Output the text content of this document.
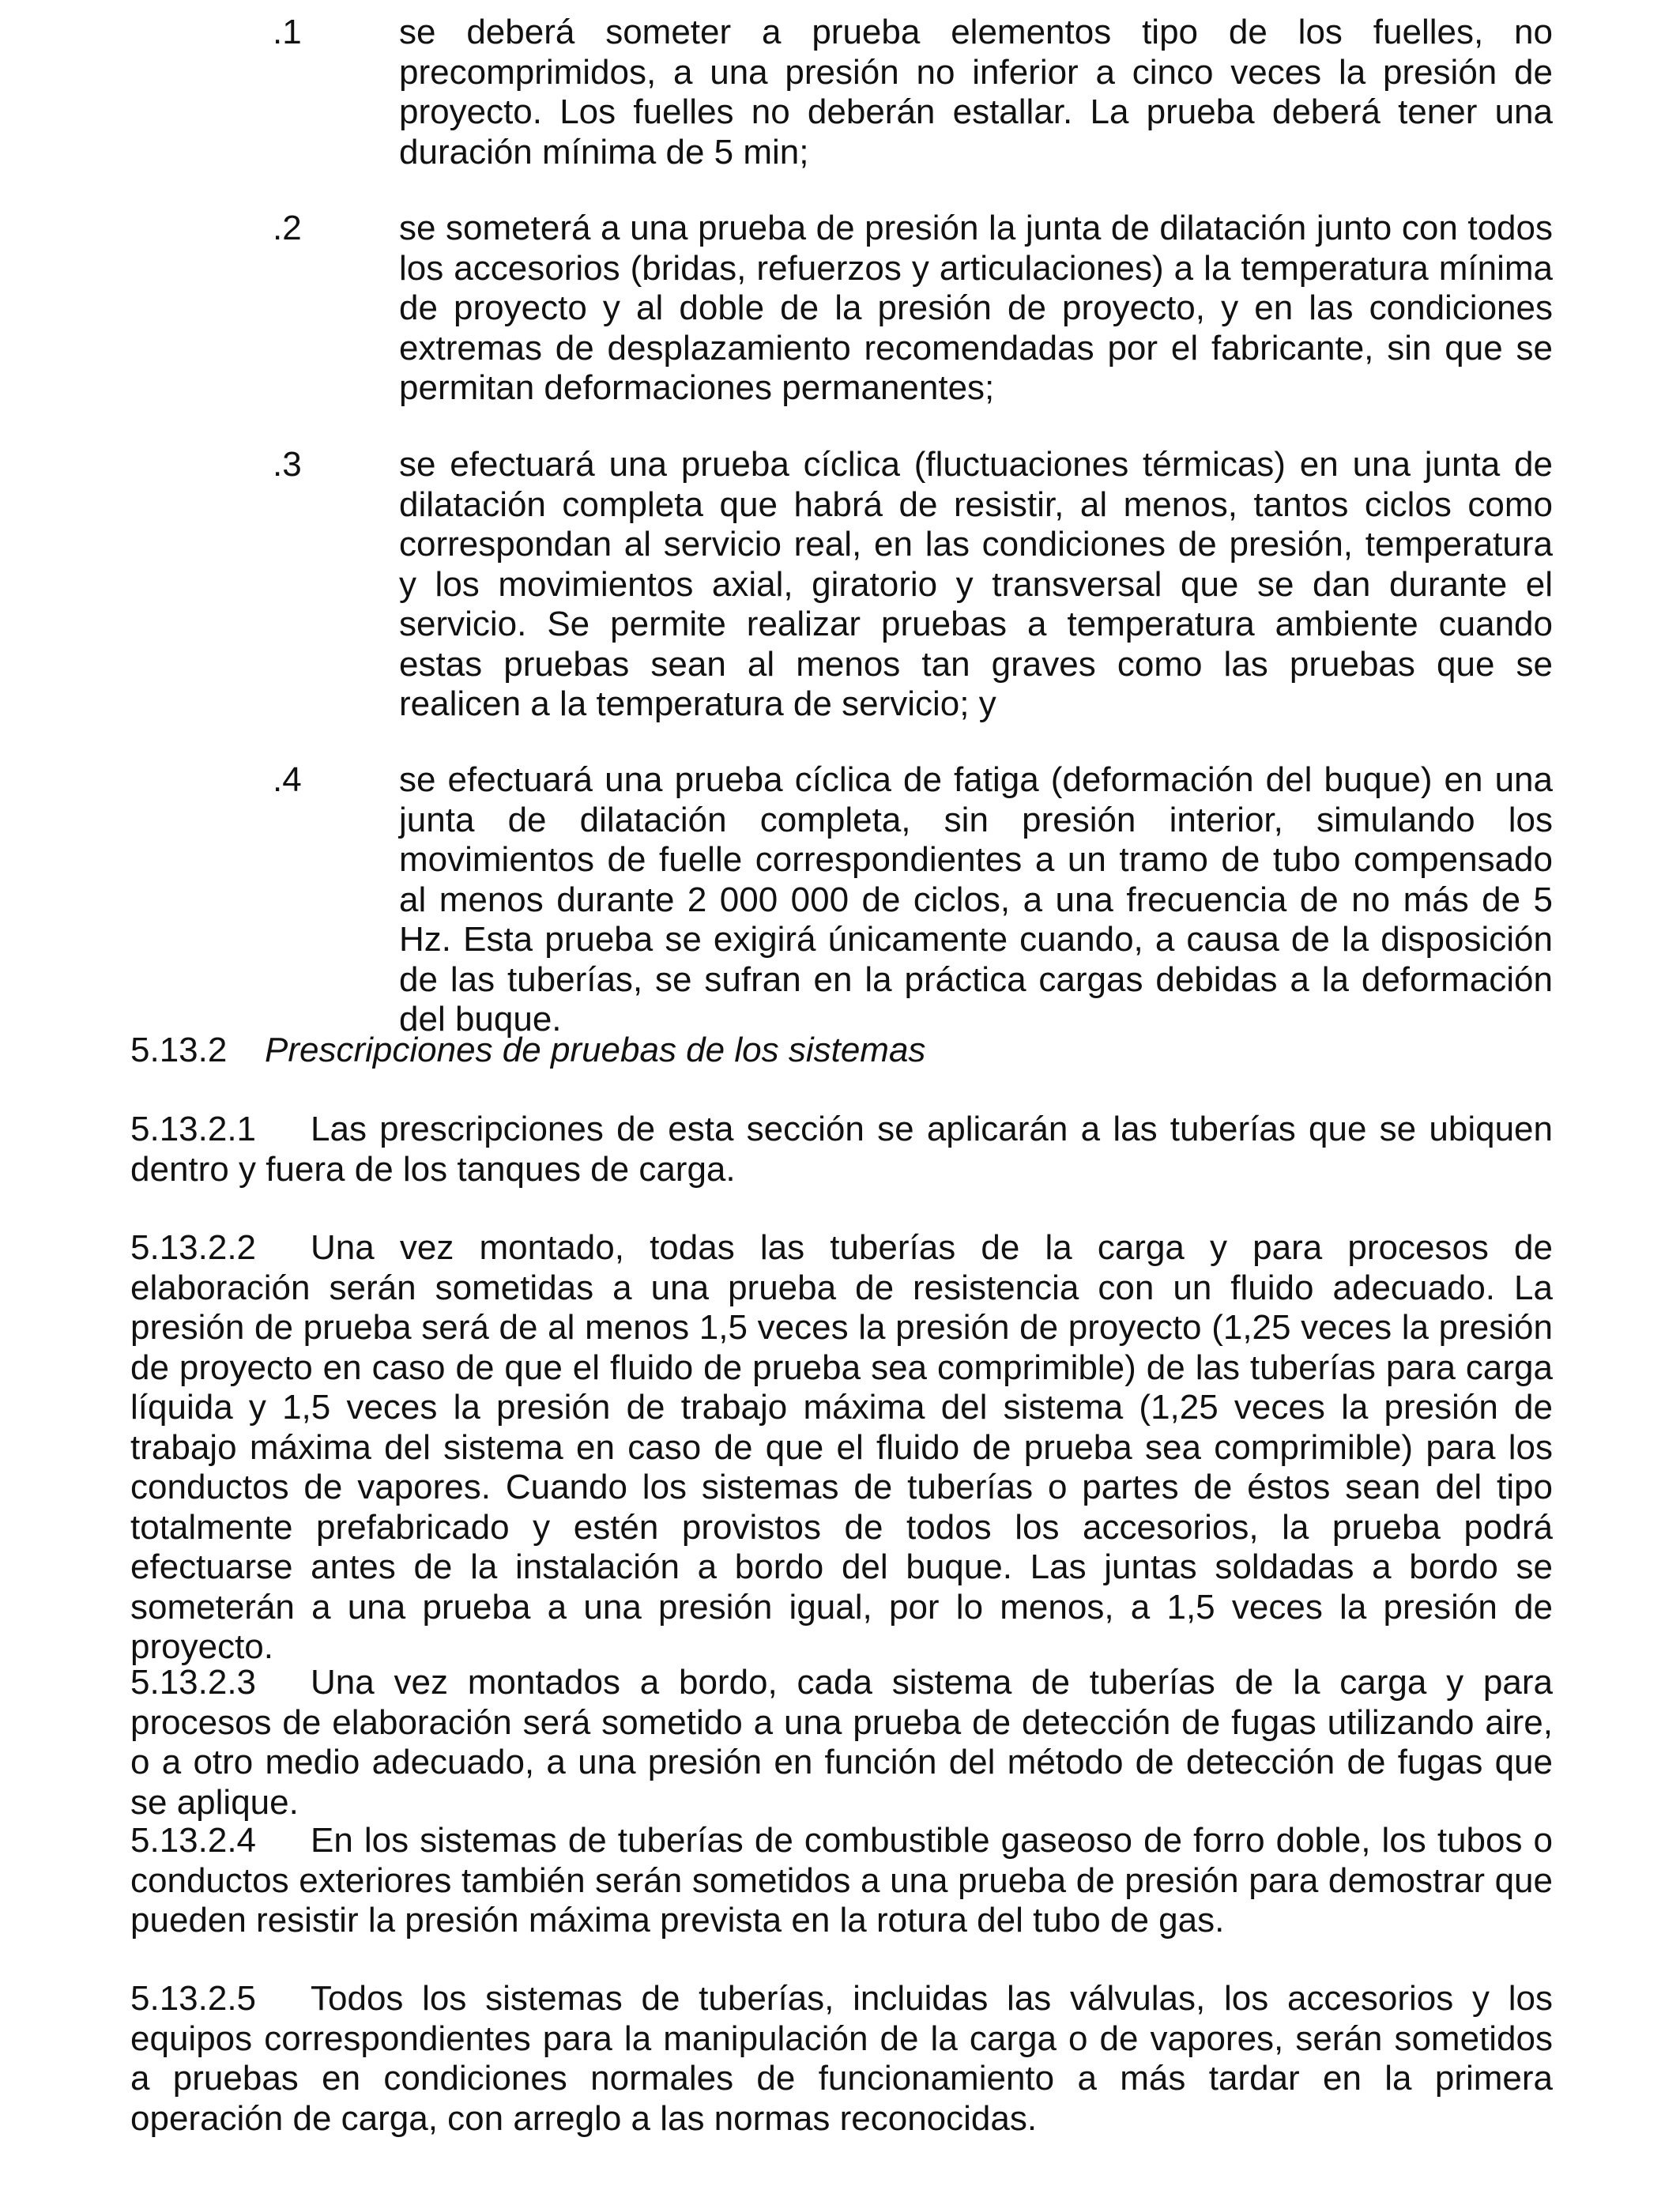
.1	se deberá someter a prueba elementos tipo de los fuelles, no precomprimidos, a una presión no inferior a cinco veces la presión de proyecto. Los fuelles no deberán estallar. La prueba deberá tener una duración mínima de 5 min;
.2	se someterá a una prueba de presión la junta de dilatación junto con todos los accesorios (bridas, refuerzos y articulaciones) a la temperatura mínima de proyecto y al doble de la presión de proyecto, y en las condiciones extremas de desplazamiento recomendadas por el fabricante, sin que se permitan deformaciones permanentes;
.3	se efectuará una prueba cíclica (fluctuaciones térmicas) en una junta de dilatación completa que habrá de resistir, al menos, tantos ciclos como correspondan al servicio real, en las condiciones de presión, temperatura y los movimientos axial, giratorio y transversal que se dan durante el servicio. Se permite realizar pruebas a temperatura ambiente cuando estas pruebas sean al menos tan graves como las pruebas que se realicen a la temperatura de servicio; y
.4	se efectuará una prueba cíclica de fatiga (deformación del buque) en una junta de dilatación completa, sin presión interior, simulando los movimientos de fuelle correspondientes a un tramo de tubo compensado al menos durante 2 000 000 de ciclos, a una frecuencia de no más de 5 Hz. Esta prueba se exigirá únicamente cuando, a causa de la disposición de las tuberías, se sufran en la práctica cargas debidas a la deformación del buque.
5.13.2 Prescripciones de pruebas de los sistemas
5.13.2.1 Las prescripciones de esta sección se aplicarán a las tuberías que se ubiquen dentro y fuera de los tanques de carga.
5.13.2.2 Una vez montado, todas las tuberías de la carga y para procesos de elaboración serán sometidas a una prueba de resistencia con un fluido adecuado. La presión de prueba será de al menos 1,5 veces la presión de proyecto (1,25 veces la presión de proyecto en caso de que el fluido de prueba sea comprimible) de las tuberías para carga líquida y 1,5 veces la presión de trabajo máxima del sistema (1,25 veces la presión de trabajo máxima del sistema en caso de que el fluido de prueba sea comprimible) para los conductos de vapores. Cuando los sistemas de tuberías o partes de éstos sean del tipo totalmente prefabricado y estén provistos de todos los accesorios, la prueba podrá efectuarse antes de la instalación a bordo del buque. Las juntas soldadas a bordo se someterán a una prueba a una presión igual, por lo menos, a 1,5 veces la presión de proyecto.
5.13.2.3 Una vez montados a bordo, cada sistema de tuberías de la carga y para procesos de elaboración será sometido a una prueba de detección de fugas utilizando aire, o a otro medio adecuado, a una presión en función del método de detección de fugas que se aplique.
5.13.2.4 En los sistemas de tuberías de combustible gaseoso de forro doble, los tubos o conductos exteriores también serán sometidos a una prueba de presión para demostrar que pueden resistir la presión máxima prevista en la rotura del tubo de gas.
5.13.2.5 Todos los sistemas de tuberías, incluidas las válvulas, los accesorios y los equipos correspondientes para la manipulación de la carga o de vapores, serán sometidos a pruebas en condiciones normales de funcionamiento a más tardar en la primera operación de carga, con arreglo a las normas reconocidas.
